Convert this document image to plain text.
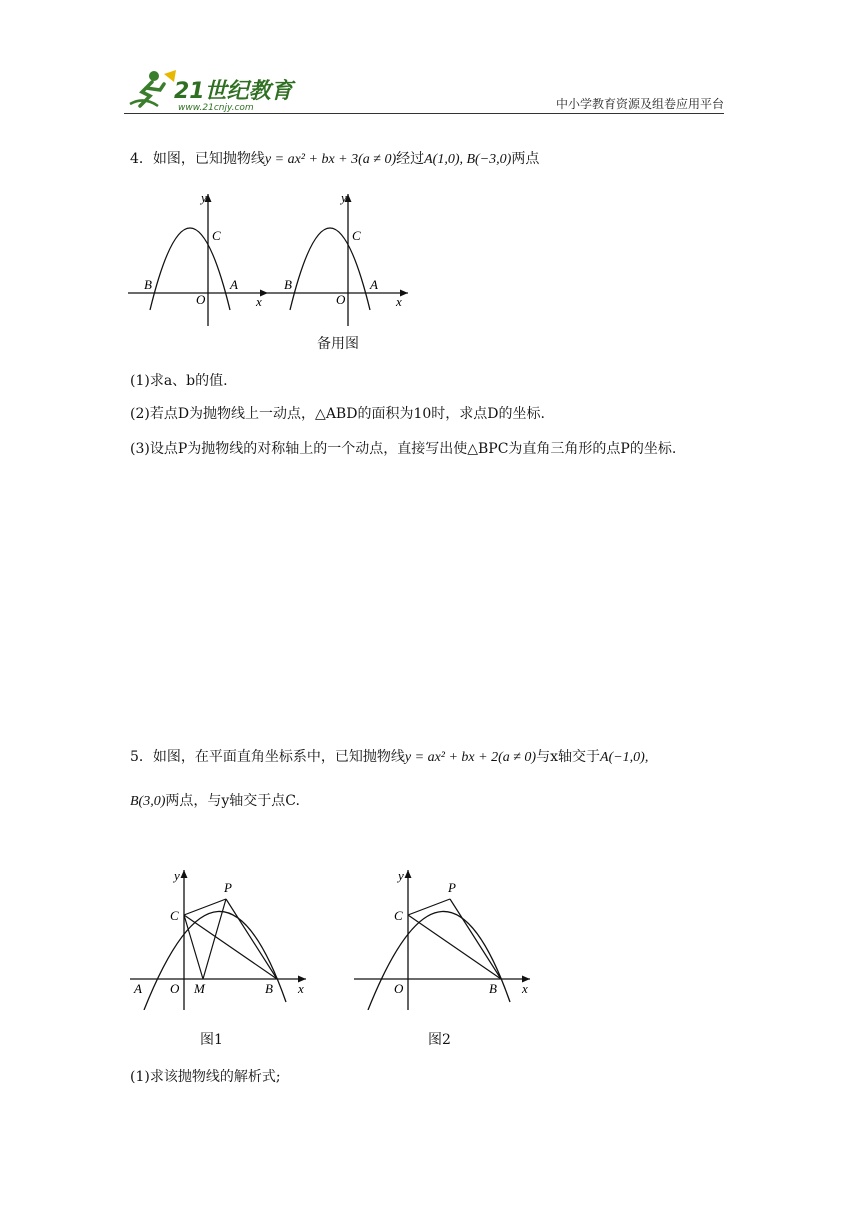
21世纪教育
www.21cnjy.com	中小学教育资源及组卷应用平台
4．如图，已知抛物线y = ax² + bx + 3(a ≠ 0)经过A(1,0), B(−3,0)两点
y
x
O
A
B
C
y
x
O
A
B
C
备用图
(1)求a、b的值.
(2)若点D为抛物线上一动点，△ABD的面积为10时，求点D的坐标.
(3)设点P为抛物线的对称轴上的一个动点，直接写出使△BPC为直角三角形的点P的坐标.
5．如图，在平面直角坐标系中，已知抛物线y = ax² + bx + 2(a ≠ 0)与x轴交于A(−1,0),
B(3,0)两点，与y轴交于点C.
y
x
O
A	B
C
P
M
y
x
O	B
C
P
图1	图2
(1)求该抛物线的解析式;
